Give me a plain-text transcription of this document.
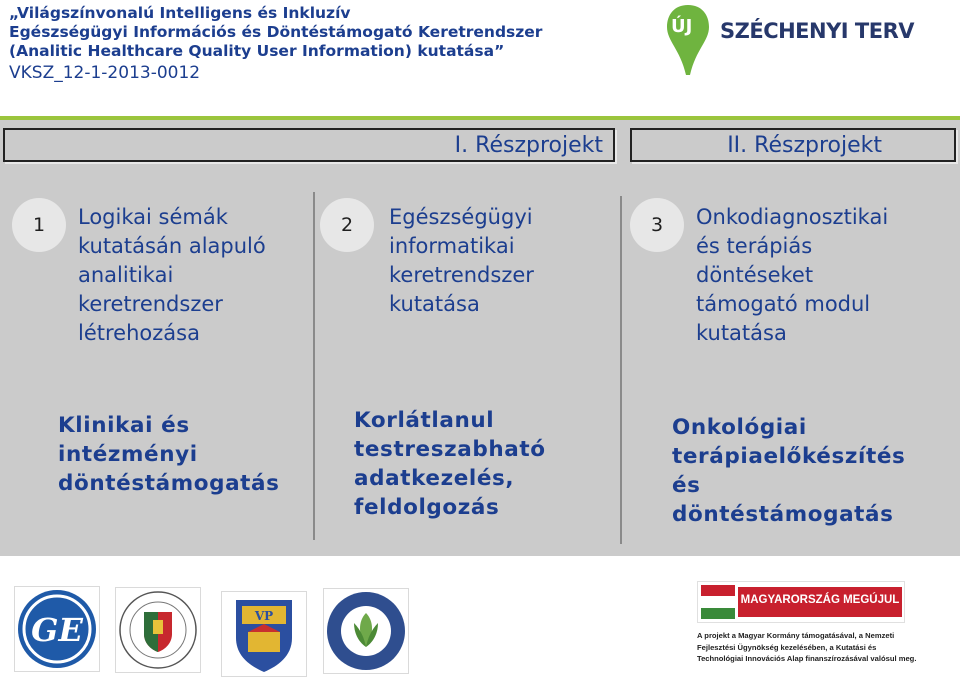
„Világszínvonalú Intelligens és Inkluzív
Egészségügyi Információs és Döntéstámogató Keretrendszer
(Analitic Healthcare Quality User Information) kutatása”
VKSZ_12-1-2013-0012
ÚJ SZÉCHENYI TERV
I. Részprojekt	II. Részprojekt
1	Logikai sémák
kutatásán alapuló
analitikai
keretrendszer
létrehozása
2	Egészségügyi
informatikai
keretrendszer
kutatása
3	Onkodiagnosztikai
és terápiás
döntéseket
támogató modul
kutatása
Klinikai és
intézményi
döntéstámogatás
Korlátlanul
testreszabható
adatkezelés,
feldolgozás
Onkológiai
terápiaelőkészítés
és
döntéstámogatás
GE	VP
MAGYARORSZÁG MEGÚJUL
A projekt a Magyar Kormány támogatásával, a Nemzeti
Fejlesztési Ügynökség kezelésében, a Kutatási és
Technológiai Innovációs Alap finanszírozásával valósul meg.
